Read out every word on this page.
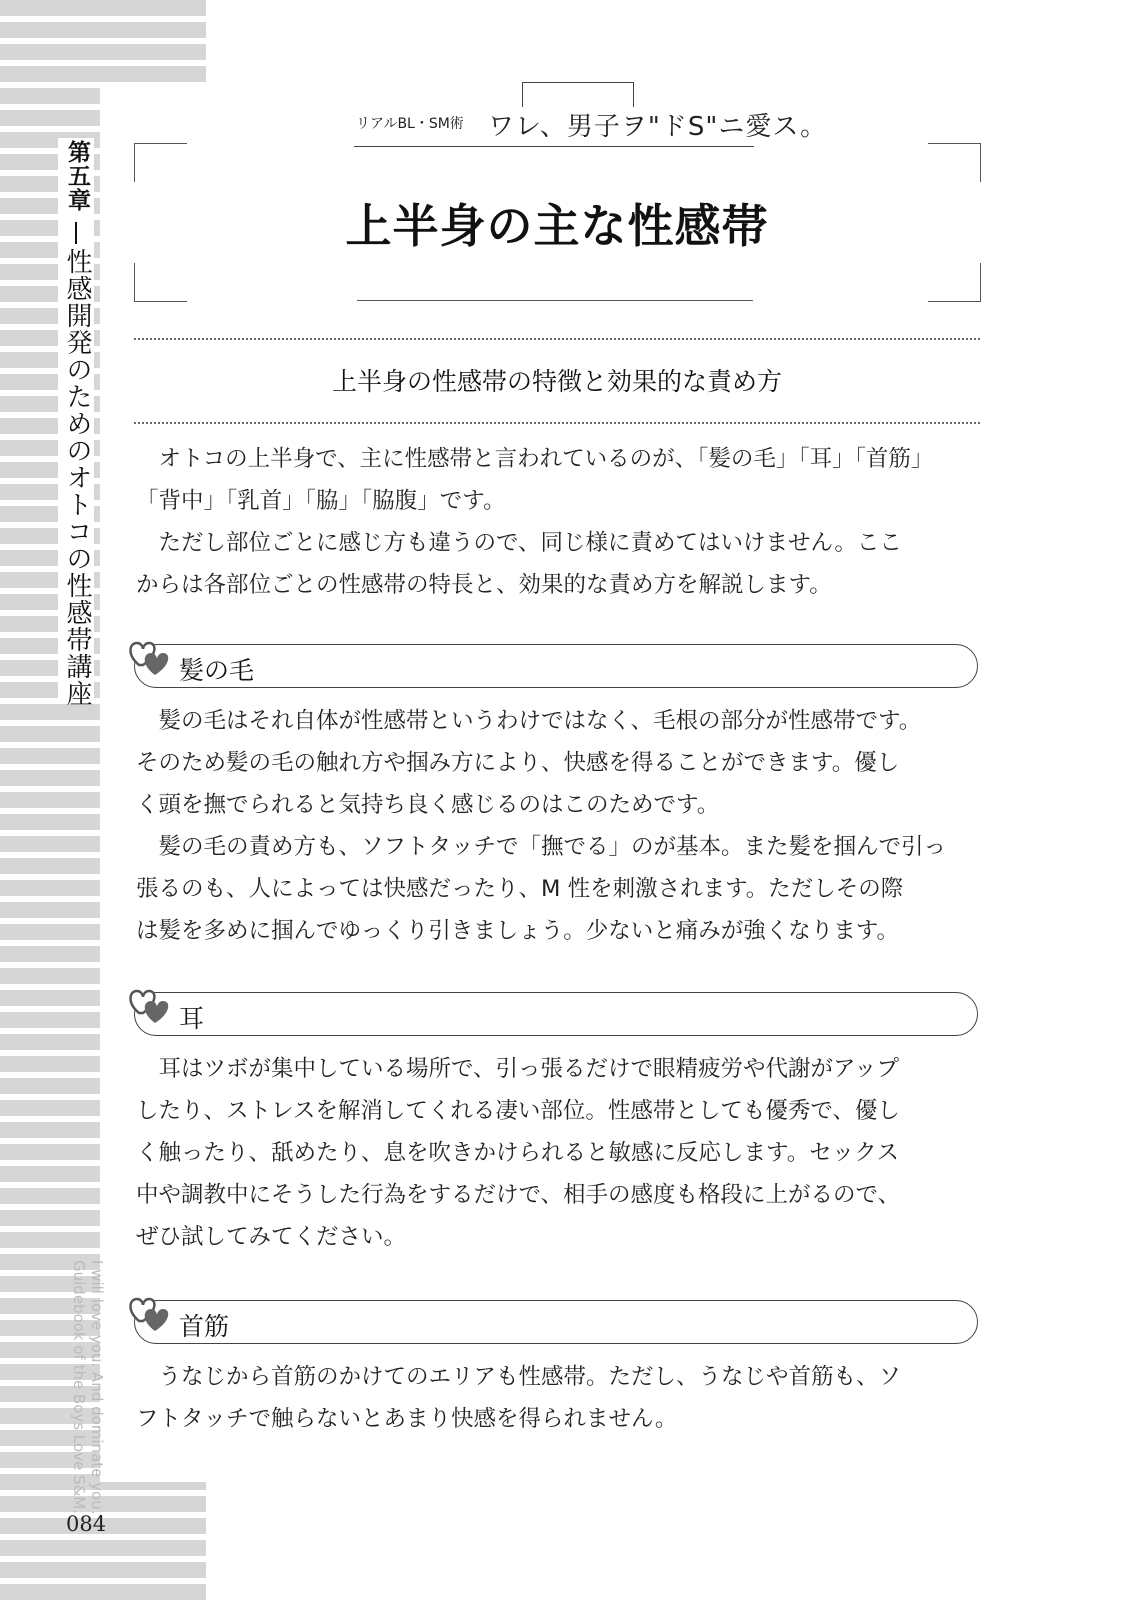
第五章
性感開発のためのオトコの性感帯講座
I will love you. And dominate you.
Guidebook of the Boys Love S&M.
084
リアルBL・SM術 ワレ、男子ヲ"ドS"ニ愛ス。
上半身の主な性感帯
上半身の性感帯の特徴と効果的な責め方

　オトコの上半身で、主に性感帯と言われているのが、「髪の毛」「耳」「首筋」
「背中」「乳首」「脇」「脇腹」です。

　ただし部位ごとに感じ方も違うので、同じ様に責めてはいけません。ここ
からは各部位ごとの性感帯の特長と、効果的な責め方を解説します。

髪の毛

　髪の毛はそれ自体が性感帯というわけではなく、毛根の部分が性感帯です。
そのため髪の毛の触れ方や掴み方により、快感を得ることができます。優し
く頭を撫でられると気持ち良く感じるのはこのためです。

　髪の毛の責め方も、ソフトタッチで「撫でる」のが基本。また髪を掴んで引っ
張るのも、人によっては快感だったり、M 性を刺激されます。ただしその際
は髪を多めに掴んでゆっくり引きましょう。少ないと痛みが強くなります。

耳

　耳はツボが集中している場所で、引っ張るだけで眼精疲労や代謝がアップ
したり、ストレスを解消してくれる凄い部位。性感帯としても優秀で、優し
く触ったり、舐めたり、息を吹きかけられると敏感に反応します。セックス
中や調教中にそうした行為をするだけで、相手の感度も格段に上がるので、
ぜひ試してみてください。

首筋

　うなじから首筋のかけてのエリアも性感帯。ただし、うなじや首筋も、ソ
フトタッチで触らないとあまり快感を得られません。
